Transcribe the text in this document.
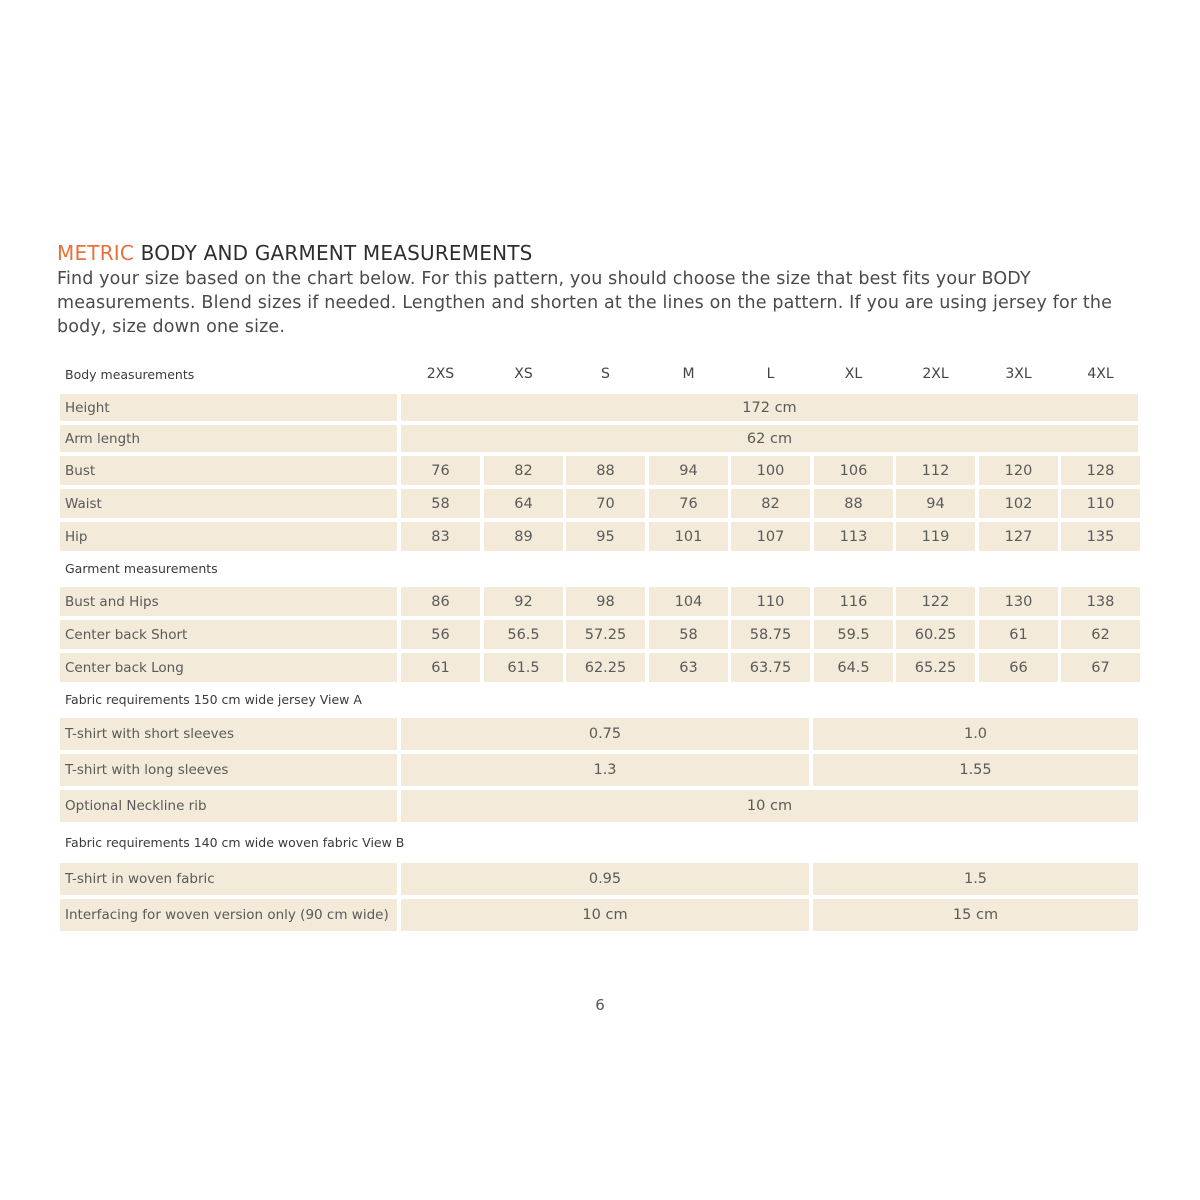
METRIC BODY AND GARMENT MEASUREMENTS
Find your size based on the chart below. For this pattern, you should choose the size that best fits your BODY measurements. Blend sizes if needed. Lengthen and shorten at the lines on the pattern. If you are using jersey for the body, size down one size.
Body measurements	2XS	XS	S	M	L	XL	2XL	3XL	4XL
Height	172 cm
Arm length	62 cm
Bust	76	82	88	94	100	106	112	120	128
Waist	58	64	70	76	82	88	94	102	110
Hip	83	89	95	101	107	113	119	127	135
Garment measurements
Bust and Hips	86	92	98	104	110	116	122	130	138
Center back Short	56	56.5	57.25	58	58.75	59.5	60.25	61	62
Center back Long	61	61.5	62.25	63	63.75	64.5	65.25	66	67
Fabric requirements 150 cm wide jersey View A
T-shirt with short sleeves	0.75	1.0
T-shirt with long sleeves	1.3	1.55
Optional Neckline rib	10 cm
Fabric requirements 140 cm wide woven fabric View B
T-shirt in woven fabric	0.95	1.5
Interfacing for woven version only (90 cm wide)	10 cm	15 cm
6
